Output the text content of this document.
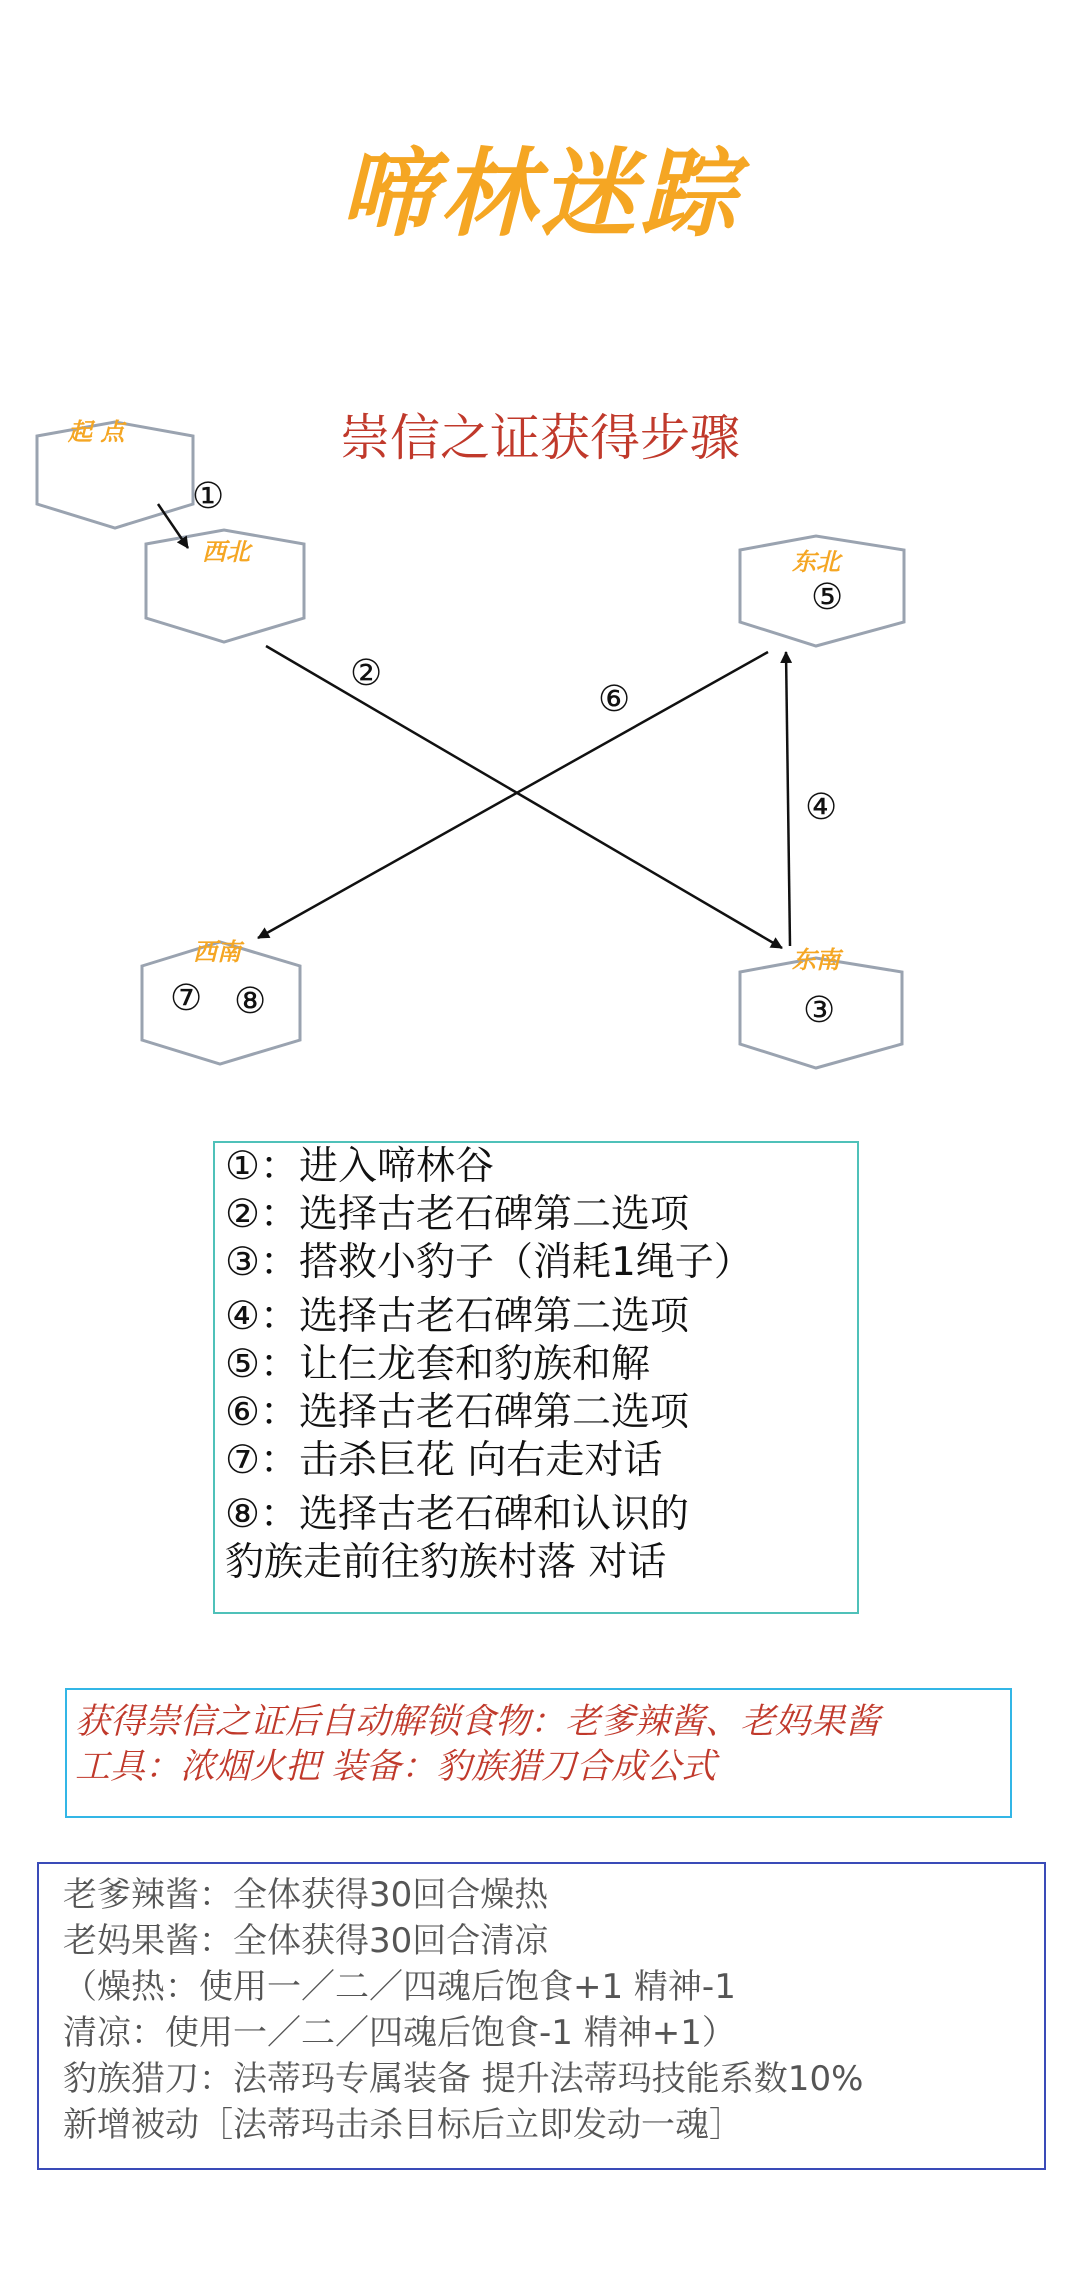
啼林迷踪
崇信之证获得步骤
起 点
西北	东北
东南
西南
①
②
③
④
⑤
⑥
⑦ ⑧
①：进入啼林谷
②：选择古老石碑第二选项
③：搭救小豹子（消耗1绳子）
④：选择古老石碑第二选项
⑤：让仨龙套和豹族和解
⑥：选择古老石碑第二选项
⑦：击杀巨花 向右走对话
⑧：选择古老石碑和认识的
豹族走前往豹族村落 对话
获得崇信之证后自动解锁食物：老爹辣酱、老妈果酱
工具：浓烟火把 装备：豹族猎刀合成公式
老爹辣酱：全体获得30回合燥热
老妈果酱：全体获得30回合清凉
（燥热：使用一／二／四魂后饱食+1 精神-1
清凉：使用一／二／四魂后饱食-1 精神+1）
豹族猎刀：法蒂玛专属装备 提升法蒂玛技能系数10%
新增被动［法蒂玛击杀目标后立即发动一魂］
